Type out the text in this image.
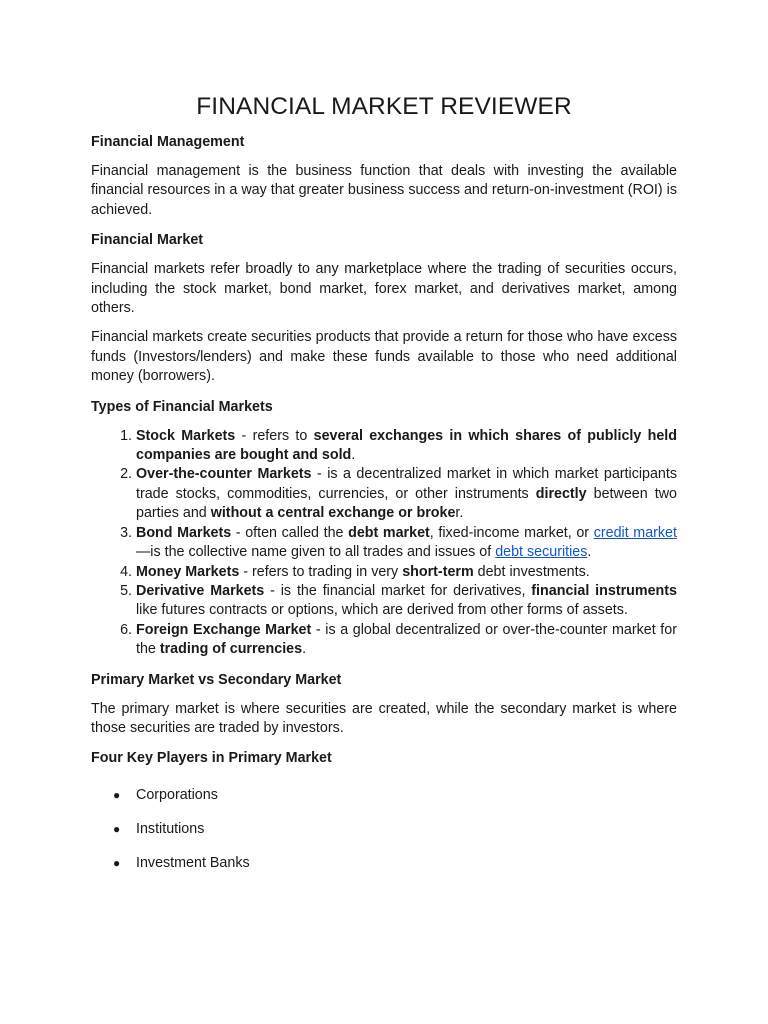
FINANCIAL MARKET REVIEWER
Financial Management

Financial management is the business function that deals with investing the available financial resources in a way that greater business success and return-on-investment (ROI) is achieved.

Financial Market

Financial markets refer broadly to any marketplace where the trading of securities occurs, including the stock market, bond market, forex market, and derivatives market, among others.

Financial markets create securities products that provide a return for those who have excess funds (Investors/lenders) and make these funds available to those who need additional money (borrowers).

Types of Financial Markets
1. Stock Markets - refers to several exchanges in which shares of publicly held companies are bought and sold.
2. Over-the-counter Markets - is a decentralized market in which market participants trade stocks, commodities, currencies, or other instruments directly between two parties and without a central exchange or broker.
3. Bond Markets - often called the debt market, fixed-income market, or credit market—is the collective name given to all trades and issues of debt securities.
4. Money Markets - refers to trading in very short-term debt investments.
5. Derivative Markets - is the financial market for derivatives, financial instruments like futures contracts or options, which are derived from other forms of assets.
6. Foreign Exchange Market - is a global decentralized or over-the-counter market for the trading of currencies.
Primary Market vs Secondary Market

The primary market is where securities are created, while the secondary market is where those securities are traded by investors.

Four Key Players in Primary Market
● Corporations
● Institutions
● Investment Banks
